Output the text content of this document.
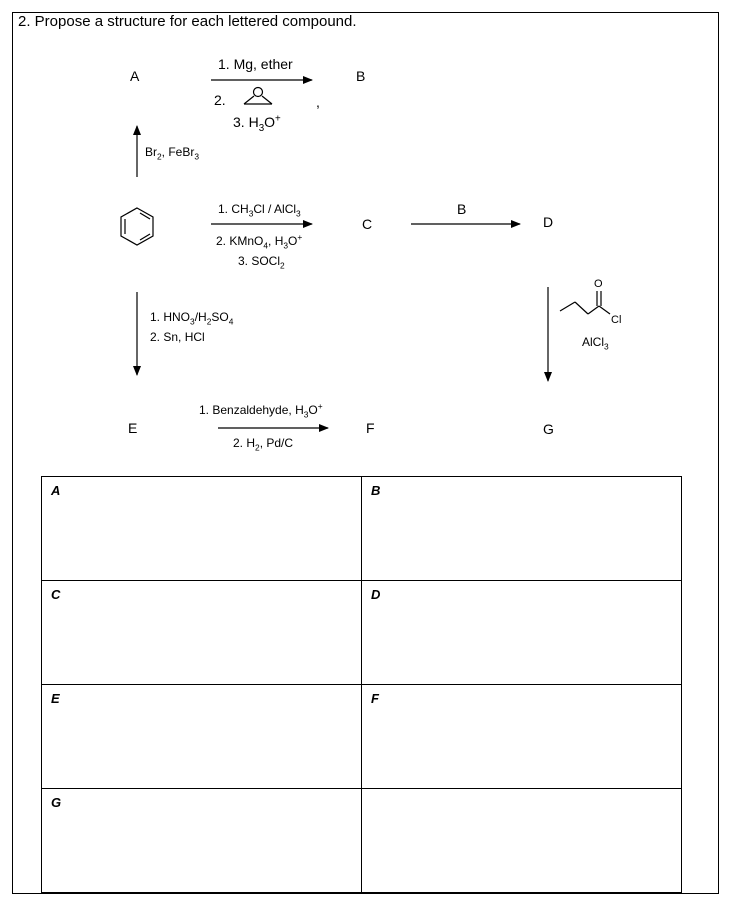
2. Propose a structure for each lettered compound.
A	B
C	D
E	F	G
B
1. Mg, ether
2.	,
3. $H_3O^+$
$Br_2$, FeBr$_3$
1. $CH_3Cl$ / AlCl$_3$
2. KMnO$_4$, $H_3O^+$
3. SOCl$_2$
1. $HNO_3/H_2SO_4$
2. Sn, HCl
O
Cl
AlCl$_3$
1. Benzaldehyde, $H_3O^+$
2. $H_2$, Pd/C
A	B
C	D
E	F
G
